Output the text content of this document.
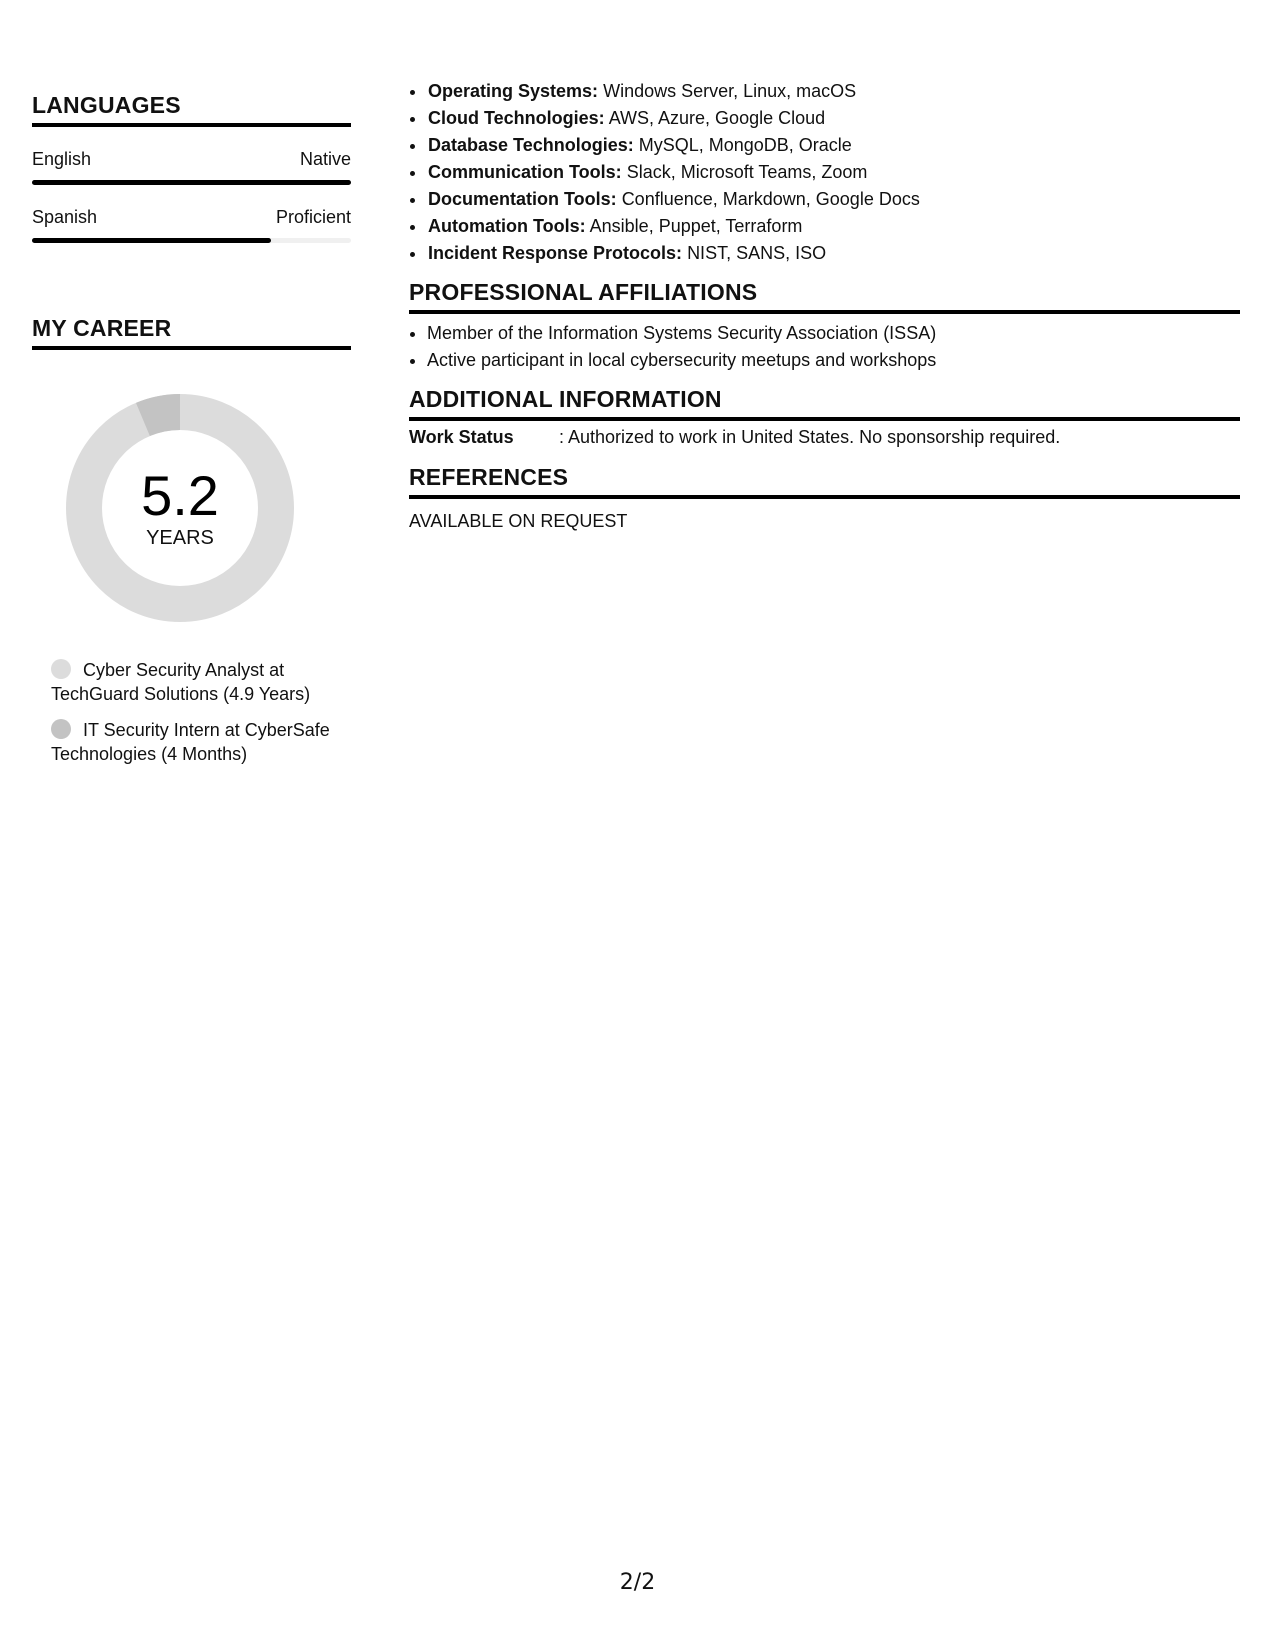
LANGUAGES
English	Native
Spanish	Proficient
MY CAREER
5.2
YEARS
Cyber Security Analyst at TechGuard Solutions (4.9 Years)
IT Security Intern at CyberSafe Technologies (4 Months)
• Operating Systems: Windows Server, Linux, macOS
• Cloud Technologies: AWS, Azure, Google Cloud
• Database Technologies: MySQL, MongoDB, Oracle
• Communication Tools: Slack, Microsoft Teams, Zoom
• Documentation Tools: Confluence, Markdown, Google Docs
• Automation Tools: Ansible, Puppet, Terraform
• Incident Response Protocols: NIST, SANS, ISO
PROFESSIONAL AFFILIATIONS
• Member of the Information Systems Security Association (ISSA)
• Active participant in local cybersecurity meetups and workshops
ADDITIONAL INFORMATION
Work Status	: Authorized to work in United States. No sponsorship required.
REFERENCES
AVAILABLE ON REQUEST
2/2
